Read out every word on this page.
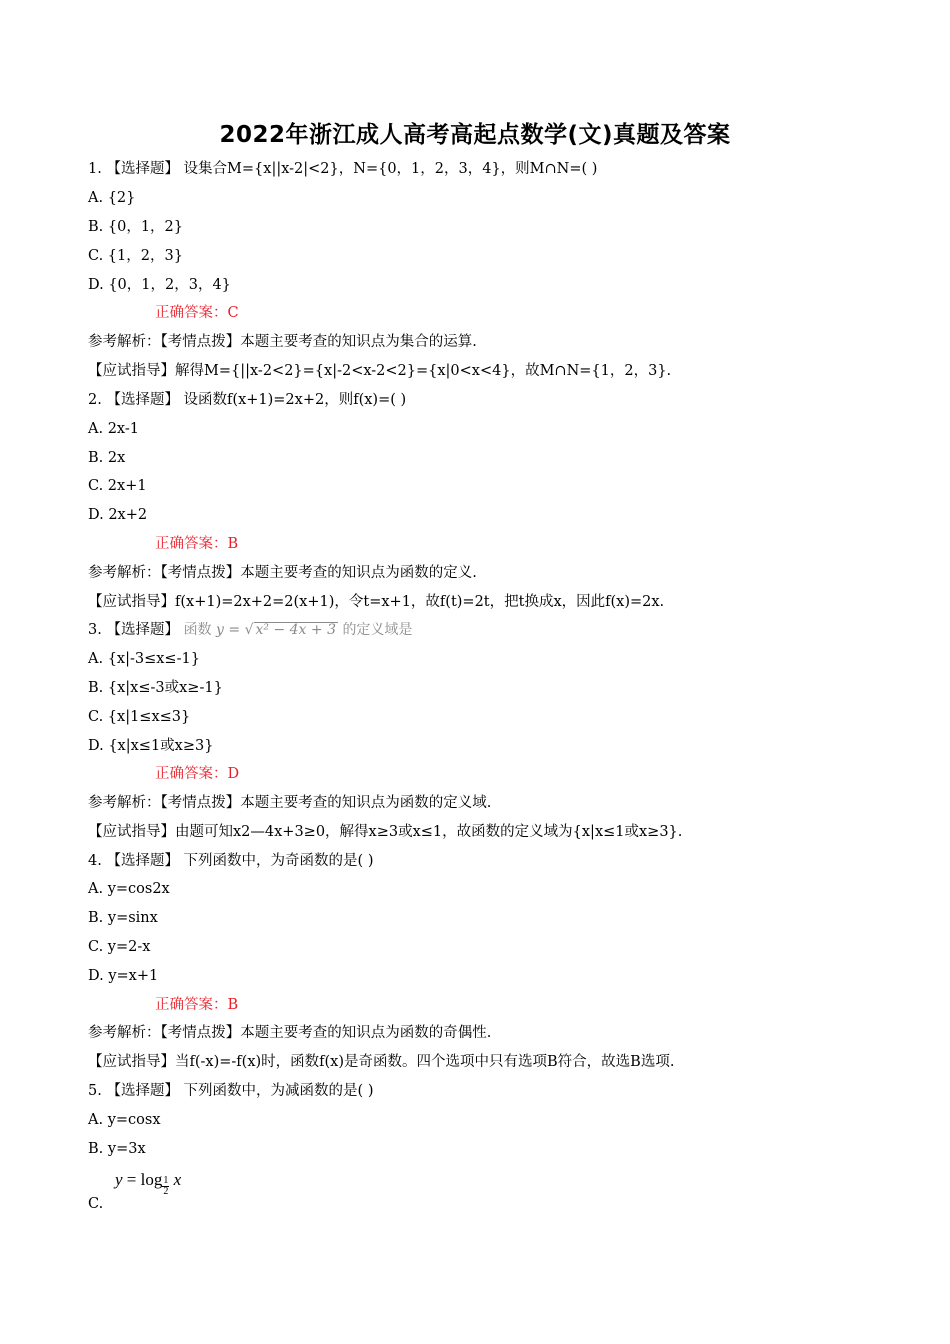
2022年浙江成人高考高起点数学(文)真题及答案
1. 【选择题】 设集合M={x||x-2|<2}，N={0，1，2，3，4}，则M∩N=( )
A. {2}
B. {0，1，2}
C. {1，2，3}
D. {0，1，2，3，4}
正确答案：C
参考解析：【考情点拨】本题主要考查的知识点为集合的运算.
【应试指导】解得M={||x-2<2}={x|-2<x-2<2}={x|0<x<4}，故M∩N={1，2，3}.
2. 【选择题】 设函数f(x+1)=2x+2，则f(x)=( )
A. 2x-1
B. 2x
C. 2x+1
D. 2x+2
正确答案：B
参考解析：【考情点拨】本题主要考查的知识点为函数的定义.
【应试指导】f(x+1)=2x+2=2(x+1)，令t=x+1，故f(t)=2t，把t换成x，因此f(x)=2x.
3. 【选择题】 函数 y = √ x² − 4x + 3 的定义域是
A. {x|-3≤x≤-1}
B. {x|x≤-3或x≥-1}
C. {x|1≤x≤3}
D. {x|x≤1或x≥3}
正确答案：D
参考解析：【考情点拨】本题主要考查的知识点为函数的定义域.
【应试指导】由题可知x2—4x+3≥0，解得x≥3或x≤1，故函数的定义域为{x|x≤1或x≥3}.
4. 【选择题】 下列函数中，为奇函数的是( )
A. y=cos2x
B. y=sinx
C. y=2-x
D. y=x+1
正确答案：B
参考解析：【考情点拨】本题主要考查的知识点为函数的奇偶性.
【应试指导】当f(-x)=-f(x)时，函数f(x)是奇函数。四个选项中只有选项B符合，故选B选项.
5. 【选择题】 下列函数中，为减函数的是( )
A. y=cosx
B. y=3x
$y = \log\frac{1}{2} x$
C.
